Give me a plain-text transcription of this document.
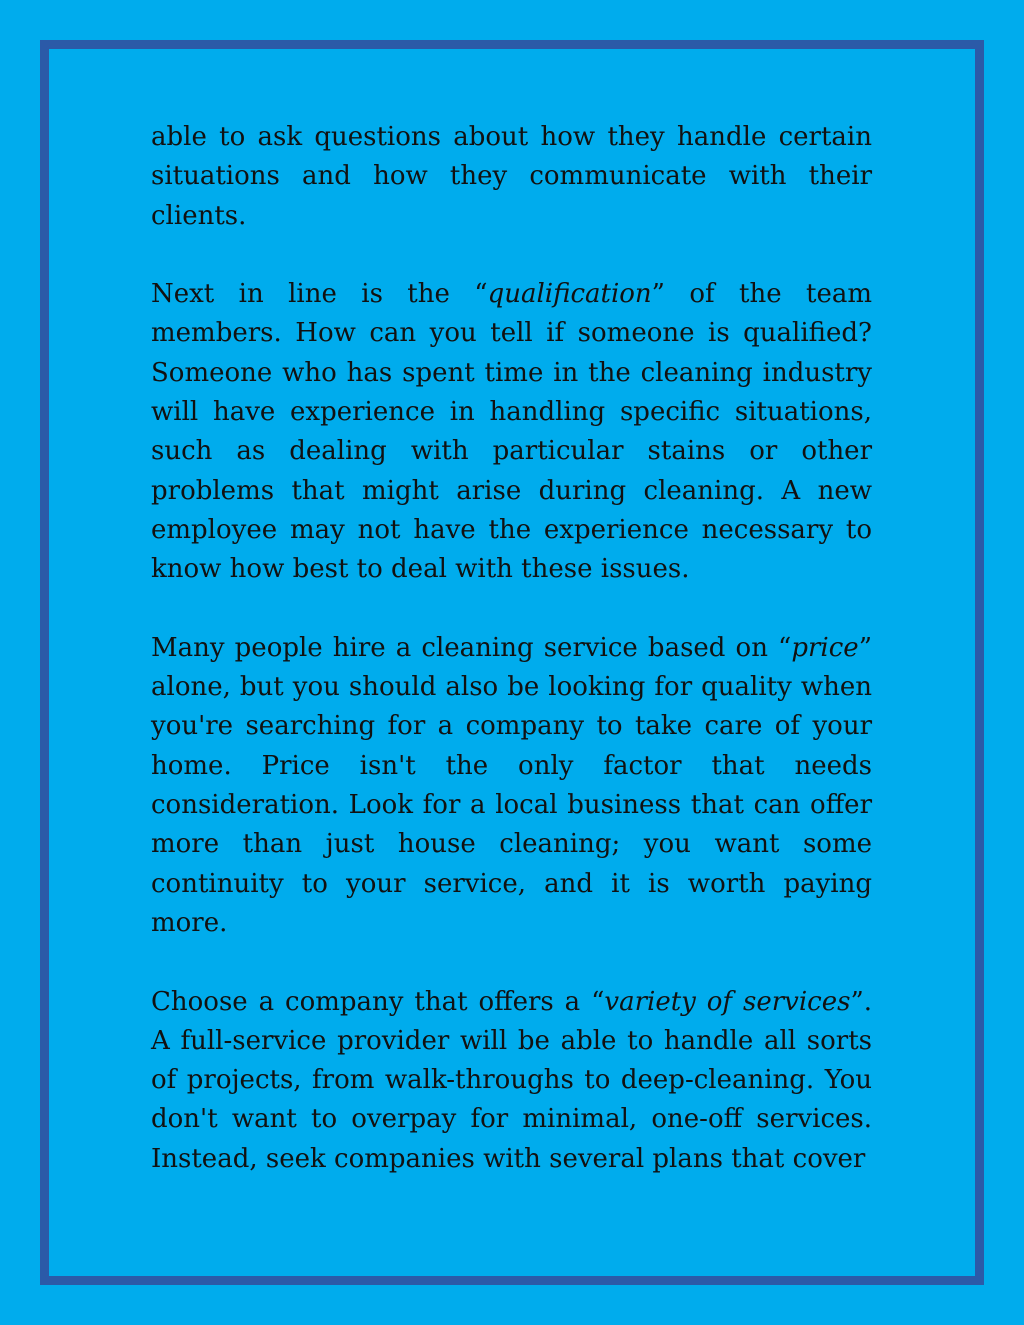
able to ask questions about how they handle certain situations and how they communicate with their clients.

Next in line is the “qualification” of the team members. How can you tell if someone is qualified? Someone who has spent time in the cleaning industry will have experience in handling specific situations, such as dealing with particular stains or other problems that might arise during cleaning. A new employee may not have the experience necessary to know how best to deal with these issues.

Many people hire a cleaning service based on “price” alone, but you should also be looking for quality when you're searching for a company to take care of your home. Price isn't the only factor that needs consideration. Look for a local business that can offer more than just house cleaning; you want some continuity to your service, and it is worth paying more.

Choose a company that offers a “variety of services”. A full-service provider will be able to handle all sorts of projects, from walk-throughs to deep-cleaning. You don't want to overpay for minimal, one-off services. Instead, seek companies with several plans that cover
